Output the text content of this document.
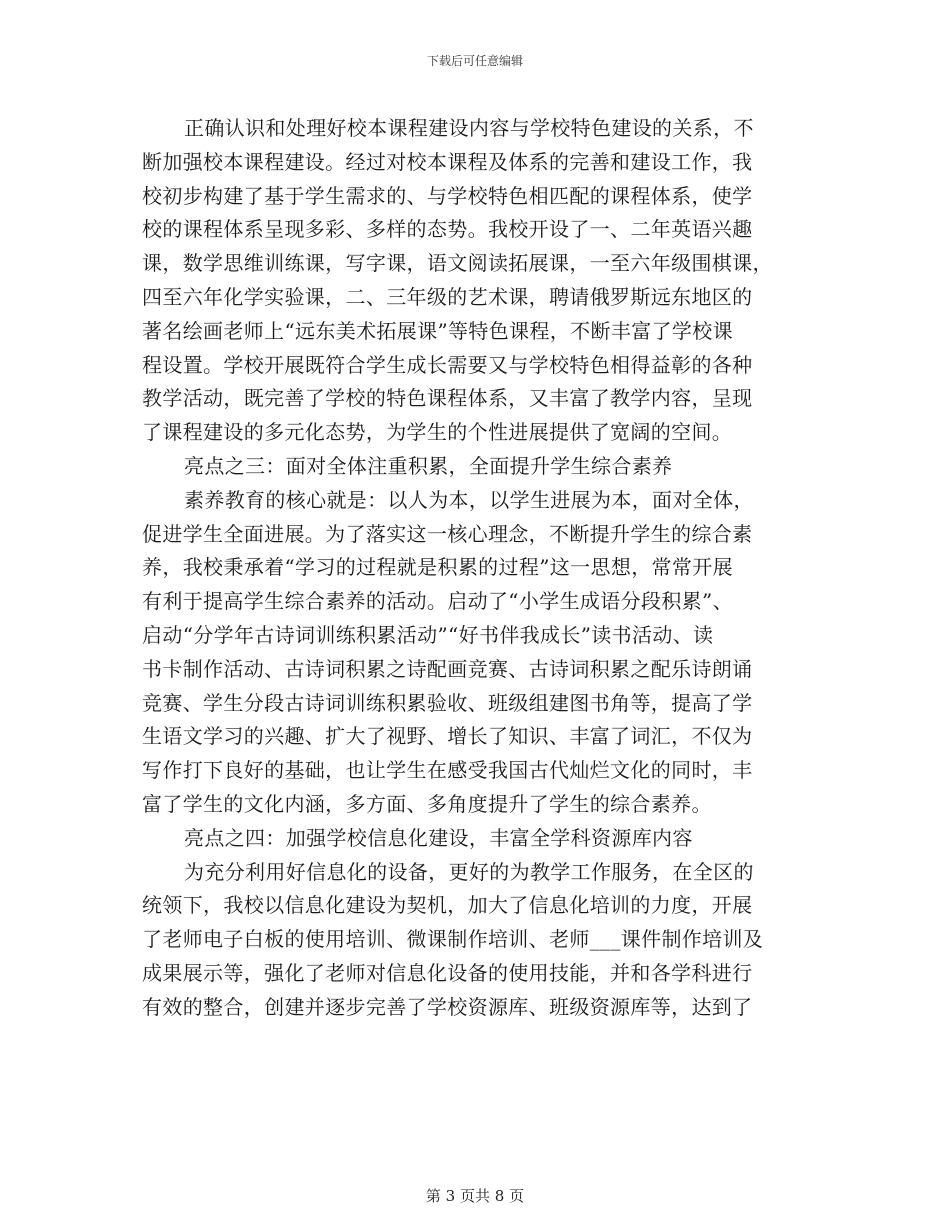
下载后可任意编辑
正确认识和处理好校本课程建设内容与学校特色建设的关系，不
断加强校本课程建设。经过对校本课程及体系的完善和建设工作，我
校初步构建了基于学生需求的、与学校特色相匹配的课程体系，使学
校的课程体系呈现多彩、多样的态势。我校开设了一、二年英语兴趣
课，数学思维训练课，写字课，语文阅读拓展课，一至六年级围棋课，
四至六年化学实验课，二、三年级的艺术课，聘请俄罗斯远东地区的
著名绘画老师上“远东美术拓展课”等特色课程，不断丰富了学校课
程设置。学校开展既符合学生成长需要又与学校特色相得益彰的各种
教学活动，既完善了学校的特色课程体系，又丰富了教学内容，呈现
了课程建设的多元化态势，为学生的个性进展提供了宽阔的空间。
亮点之三：面对全体注重积累，全面提升学生综合素养
素养教育的核心就是：以人为本，以学生进展为本，面对全体，
促进学生全面进展。为了落实这一核心理念，不断提升学生的综合素
养，我校秉承着“学习的过程就是积累的过程”这一思想，常常开展
有利于提高学生综合素养的活动。启动了“小学生成语分段积累”、
启动“分学年古诗词训练积累活动”“好书伴我成长”读书活动、读
书卡制作活动、古诗词积累之诗配画竞赛、古诗词积累之配乐诗朗诵
竞赛、学生分段古诗词训练积累验收、班级组建图书角等，提高了学
生语文学习的兴趣、扩大了视野、增长了知识、丰富了词汇，不仅为
写作打下良好的基础，也让学生在感受我国古代灿烂文化的同时，丰
富了学生的文化内涵，多方面、多角度提升了学生的综合素养。
亮点之四：加强学校信息化建设，丰富全学科资源库内容
为充分利用好信息化的设备，更好的为教学工作服务，在全区的
统领下，我校以信息化建设为契机，加大了信息化培训的力度，开展
了老师电子白板的使用培训、微课制作培训、老师___课件制作培训及
成果展示等，强化了老师对信息化设备的使用技能，并和各学科进行
有效的整合，创建并逐步完善了学校资源库、班级资源库等，达到了
第 3 页共 8 页
